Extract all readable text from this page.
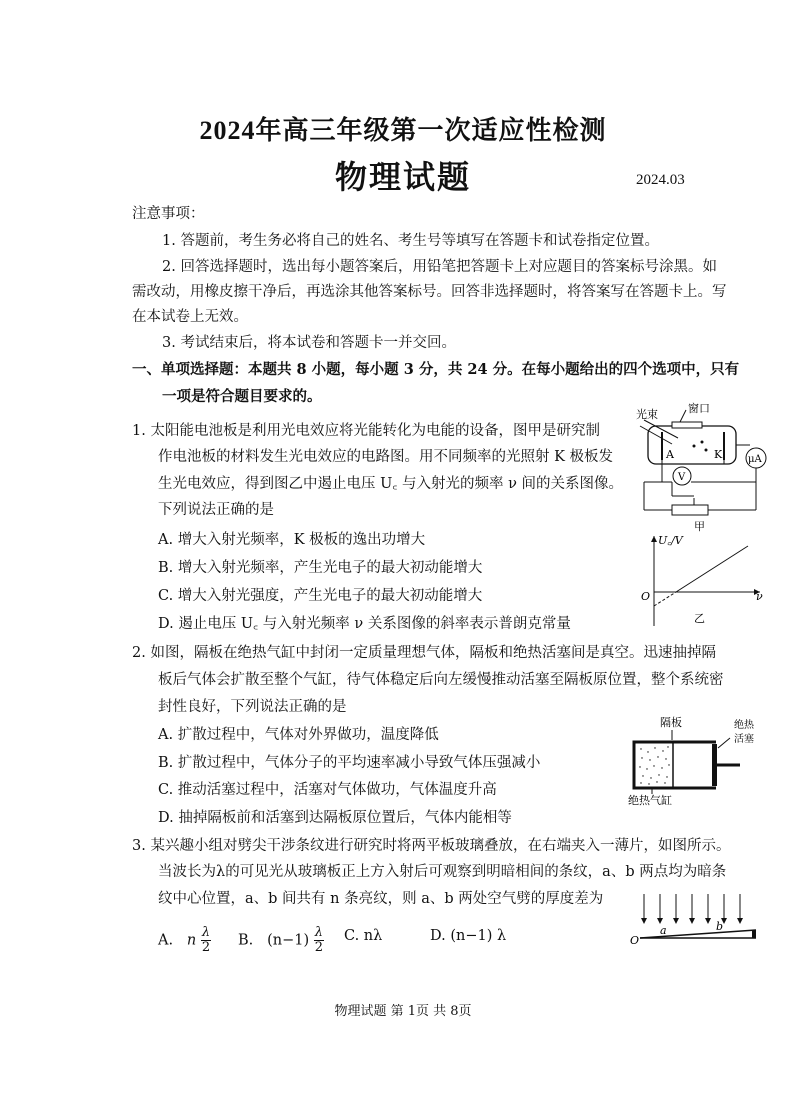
2024年高三年级第一次适应性检测
物理试题	2024.03
注意事项：
1. 答题前，考生务必将自己的姓名、考生号等填写在答题卡和试卷指定位置。
2. 回答选择题时，选出每小题答案后，用铅笔把答题卡上对应题目的答案标号涂黑。如
需改动，用橡皮擦干净后，再选涂其他答案标号。回答非选择题时，将答案写在答题卡上。写
在本试卷上无效。
3. 考试结束后，将本试卷和答题卡一并交回。
一、单项选择题：本题共 8 小题，每小题 3 分，共 24 分。在每小题给出的四个选项中，只有
一项是符合题目要求的。
1. 太阳能电池板是利用光电效应将光能转化为电能的设备，图甲是研究制
作电池板的材料发生光电效应的电路图。用不同频率的光照射 K 极板发
生光电效应，得到图乙中遏止电压 U꜀ 与入射光的频率 ν 间的关系图像。
下列说法正确的是
A. 增大入射光频率，K 极板的逸出功增大
B. 增大入射光频率，产生光电子的最大初动能增大
C. 增大入射光强度，产生光电子的最大初动能增大
D. 遏止电压 U꜀ 与入射光频率 ν 关系图像的斜率表示普朗克常量
光束	窗口
A	K	μA
V
甲
U꜀/V
O	ν
乙
2. 如图，隔板在绝热气缸中封闭一定质量理想气体，隔板和绝热活塞间是真空。迅速抽掉隔
板后气体会扩散至整个气缸，待气体稳定后向左缓慢推动活塞至隔板原位置，整个系统密
封性良好，下列说法正确的是
A. 扩散过程中，气体对外界做功，温度降低
B. 扩散过程中，气体分子的平均速率减小导致气体压强减小
C. 推动活塞过程中，活塞对气体做功，气体温度升高
D. 抽掉隔板前和活塞到达隔板原位置后，气体内能相等
隔板	绝热
活塞
绝热气缸
3. 某兴趣小组对劈尖干涉条纹进行研究时将两平板玻璃叠放，在右端夹入一薄片，如图所示。
当波长为λ的可见光从玻璃板正上方入射后可观察到明暗相间的条纹，a、b 两点均为暗条
纹中心位置，a、b 间共有 n 条亮纹，则 a、b 两处空气劈的厚度差为
A. n $\frac{\lambda}{2} B$. $(n-1) \frac{\lambda}{2} C$. nλ	D. (n−1) λ	O
a	b
物理试题 第 1页 共 8页
